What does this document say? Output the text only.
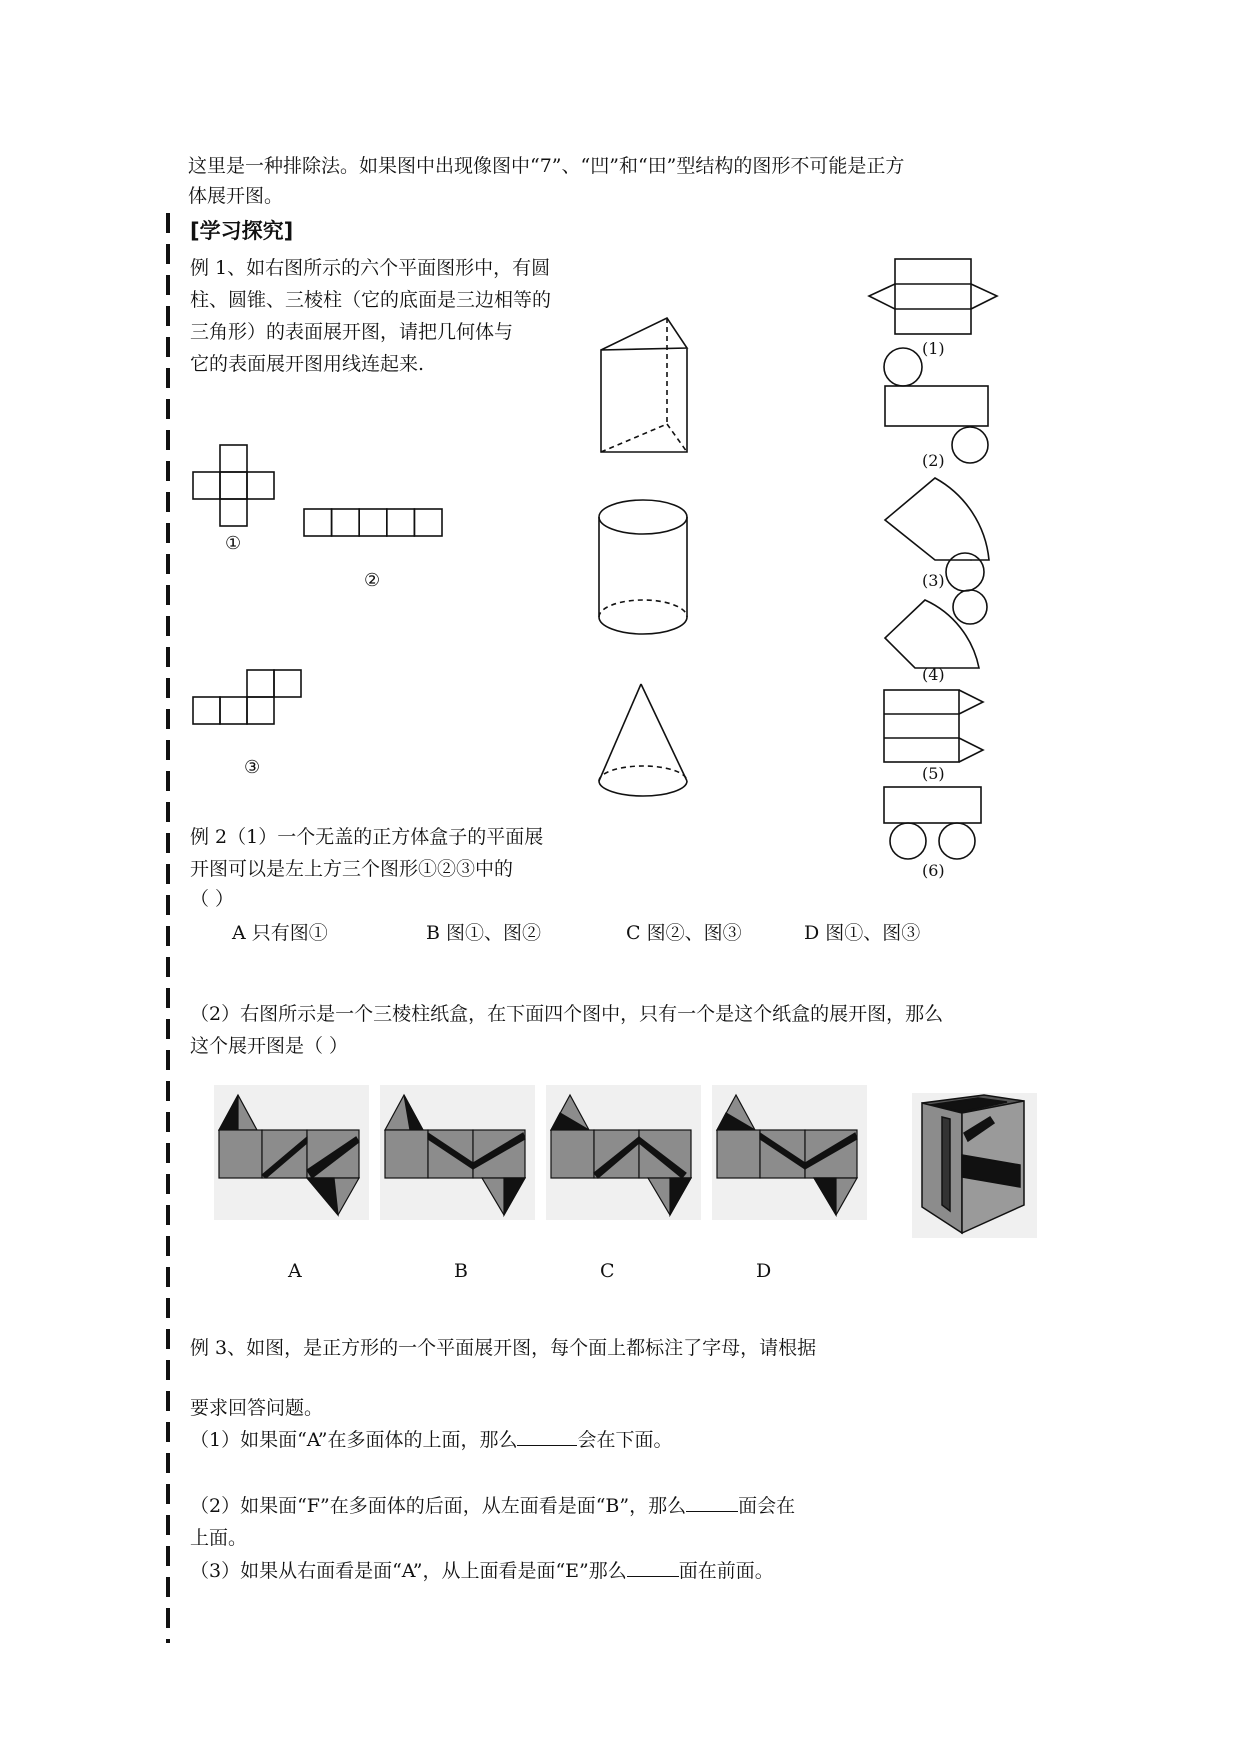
这里是一种排除法。如果图中出现像图中“7”、“凹”和“田”型结构的图形不可能是正方
体展开图。
[学习探究]
例 1、如右图所示的六个平面图形中，有圆
柱、圆锥、三棱柱（它的底面是三边相等的
三角形）的表面展开图，请把几何体与
它的表面展开图用线连起来.
①
②
③
(1)
(2)
(3)
(4)
(5)
(6)
例 2（1）一个无盖的正方体盒子的平面展
开图可以是左上方三个图形①②③中的
（ ）
A 只有图①	B 图①、图②	C 图②、图③	D 图①、图③
（2）右图所示是一个三棱柱纸盒，在下面四个图中，只有一个是这个纸盒的展开图，那么
这个展开图是（ ）
A	B	C	D
例 3、如图，是正方形的一个平面展开图，每个面上都标注了字母，请根据
要求回答问题。
（1）如果面“A”在多面体的上面，那么	会在下面。
（2）如果面“F”在多面体的后面，从左面看是面“B”，那么	面会在
上面。
（3）如果从右面看是面“A”，从上面看是面“E”那么	面在前面。
